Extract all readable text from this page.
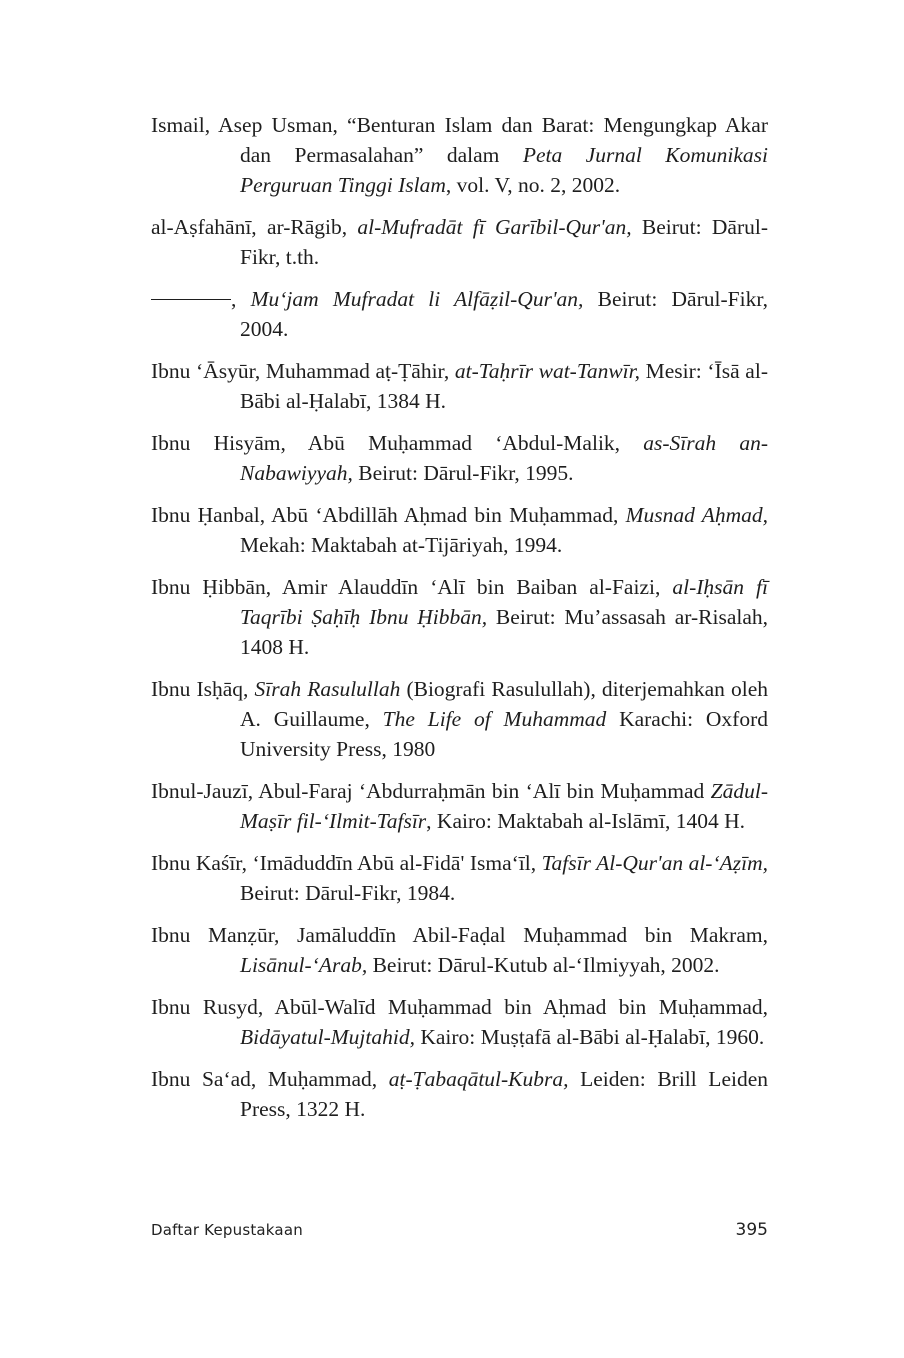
Ismail, Asep Usman, “Benturan Islam dan Barat: Mengungkap Akar dan Permasalahan” dalam Peta Jurnal Komunikasi Perguruan Tinggi Islam, vol. V, no. 2, 2002.
al-Aṣfahānī, ar-Rāgib, al-Mufradāt fī Garībil-Qur'an, Beirut: Dārul-Fikr, t.th.
, Mu‘jam Mufradat li Alfāẓil-Qur'an, Beirut: Dārul-Fikr, 2004.
Ibnu ‘Āsyūr, Muhammad aṭ-Ṭāhir, at-Taḥrīr wat-Tanwīr, Mesir: ‘Īsā al-Bābi al-Ḥalabī, 1384 H.
Ibnu Hisyām, Abū Muḥammad ‘Abdul-Malik, as-Sīrah an-Nabawiyyah, Beirut: Dārul-Fikr, 1995.
Ibnu Ḥanbal, Abū ‘Abdillāh Aḥmad bin Muḥammad, Musnad Aḥmad, Mekah: Maktabah at-Tijāriyah, 1994.
Ibnu Ḥibbān, Amir Alauddīn ‘Alī bin Baiban al-Faizi, al-Iḥsān fī Taqrībi Ṣaḥīḥ Ibnu Ḥibbān, Beirut: Mu’assasah ar-Risalah, 1408 H.
Ibnu Isḥāq, Sīrah Rasulullah (Biografi Rasulullah), diterjemahkan oleh A. Guillaume, The Life of Muhammad Karachi: Oxford University Press, 1980
Ibnul-Jauzī, Abul-Faraj ‘Abdurraḥmān bin ‘Alī bin Muḥammad Zādul-Maṣīr fil-‘Ilmit-Tafsīr, Kairo: Maktabah al-Islāmī, 1404 H.
Ibnu Kaśīr, ‘Imāduddīn Abū al-Fidā' Isma‘īl, Tafsīr Al-Qur'an al-‘Aẓīm, Beirut: Dārul-Fikr, 1984.
Ibnu Manẓūr, Jamāluddīn Abil-Faḍal Muḥammad bin Makram, Lisānul-‘Arab, Beirut: Dārul-Kutub al-‘Ilmiyyah, 2002.
Ibnu Rusyd, Abūl-Walīd Muḥammad bin Aḥmad bin Muḥammad, Bidāyatul-Mujtahid, Kairo: Muṣṭafā al-Bābi al-Ḥalabī, 1960.
Ibnu Sa‘ad, Muḥammad, aṭ-Ṭabaqātul-Kubra, Leiden: Brill Leiden Press, 1322 H.
Daftar Kepustakaan	395
